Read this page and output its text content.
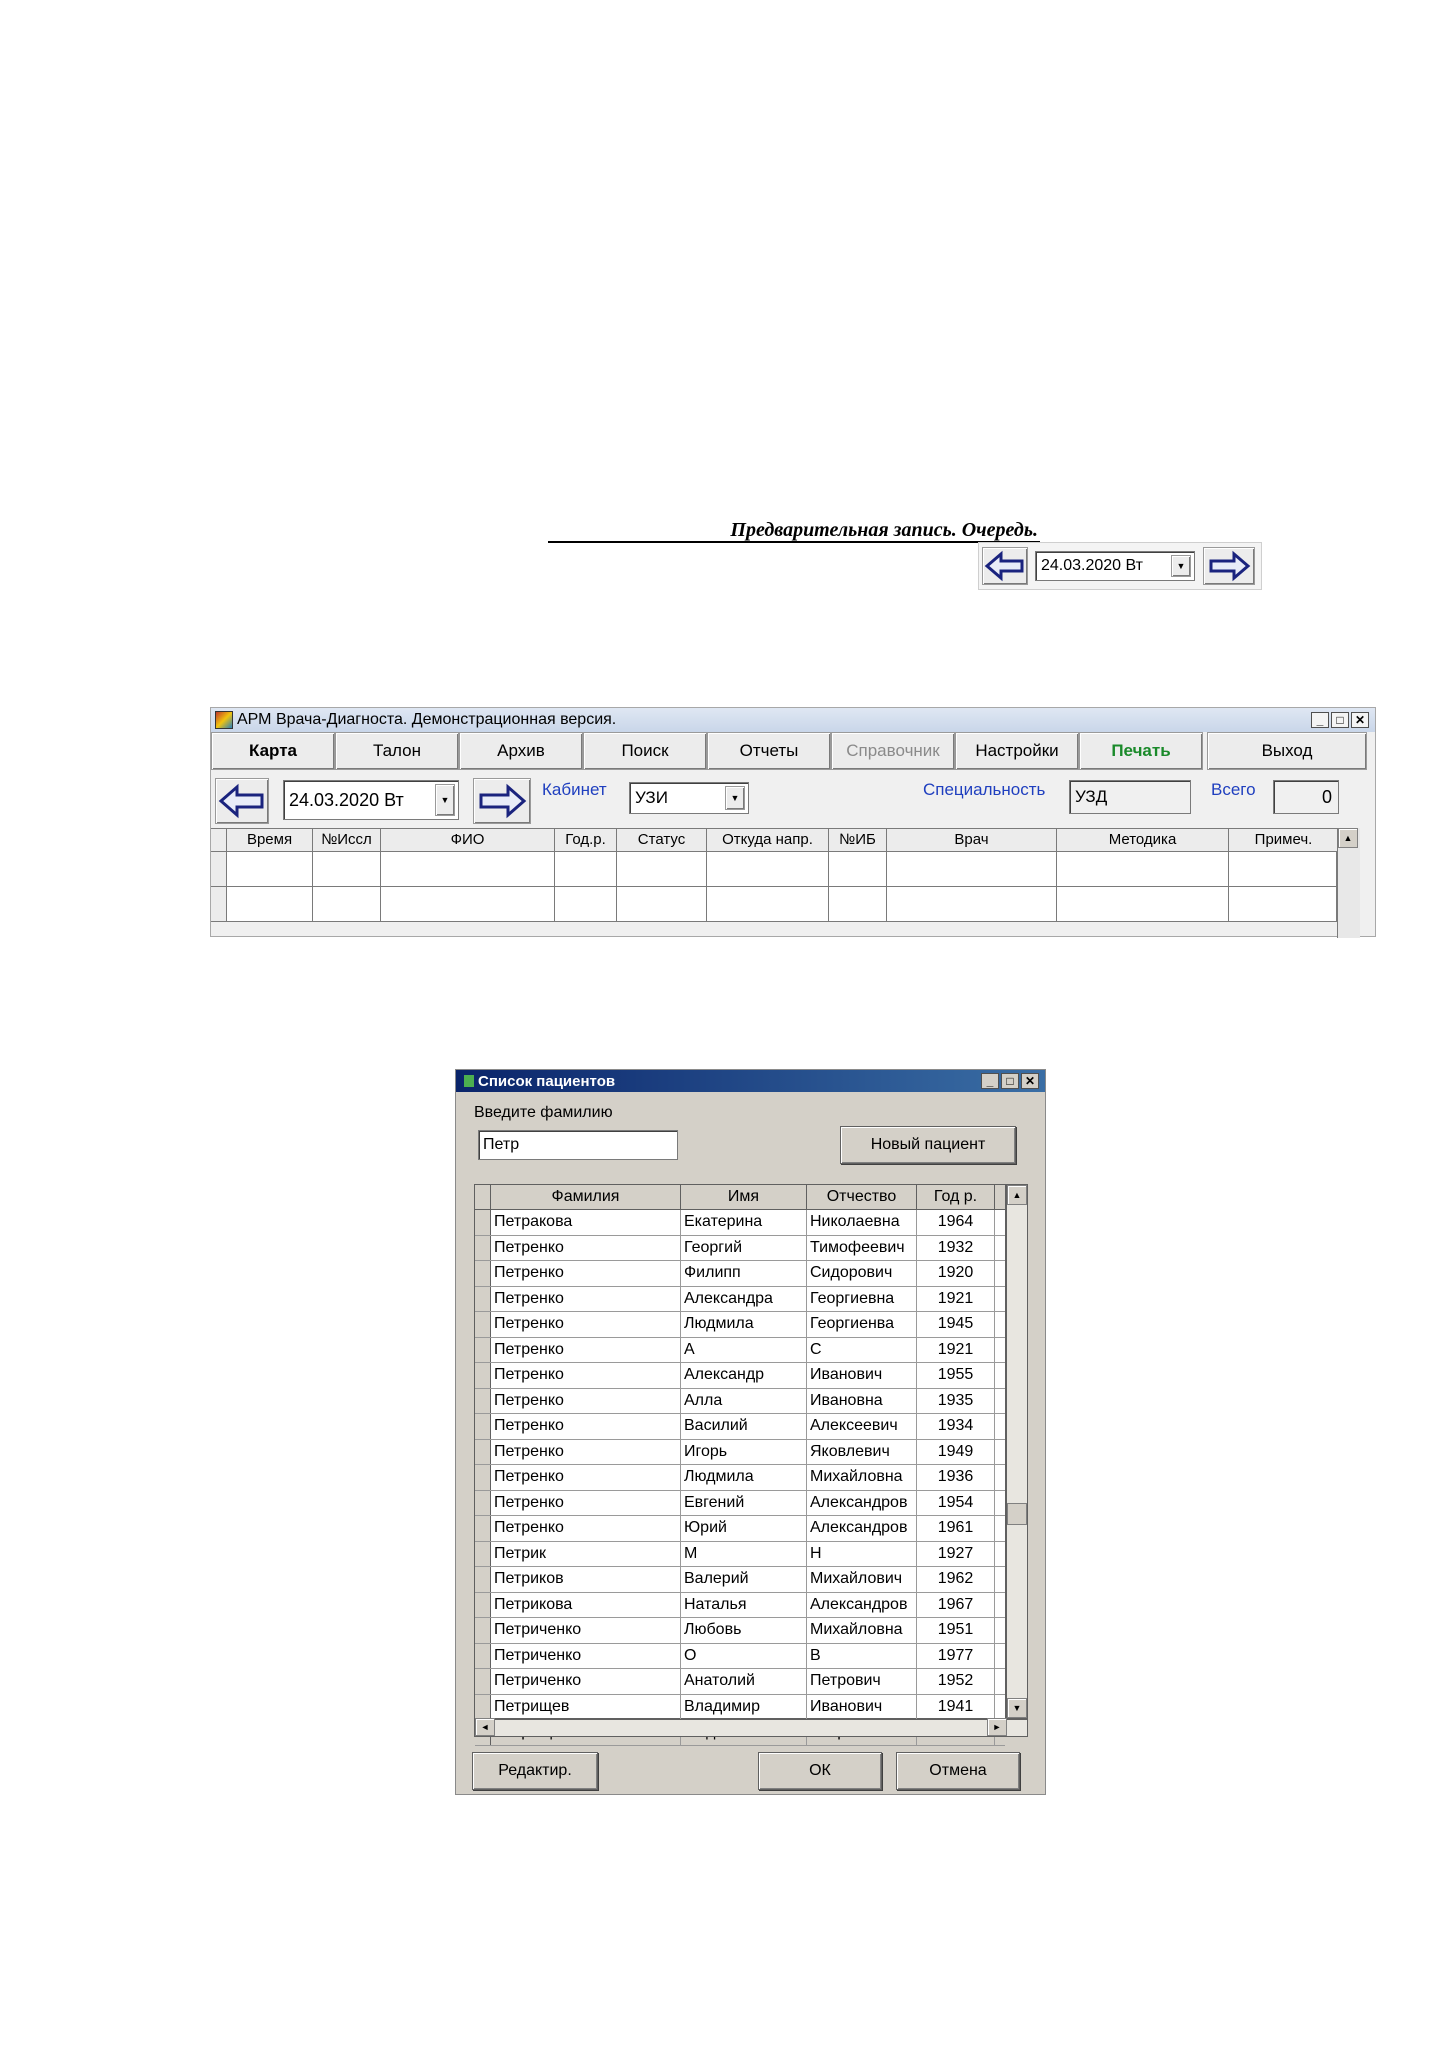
Предварительная запись. Очередь.
24.03.2020 Вт	▼
АРМ Врача-Диагноста. Демонстрационная версия.	_	□ ✕
Карта	Талон	Архив	Поиск	Отчеты	Справочник	Настройки	Печать	Выход
24.03.2020 Вт	▼
Кабинет УЗИ	▼	Специальность	УЗД	Всего	0
Время	№Иссл	ФИО	Год.р.	Статус	Откуда напр.	№ИБ	Врач	Методика	Примеч.	▲
Список пациентов	_	□ ✕
Введите фамилию
Петр
Новый пациент
Фамилия	Имя	Отчество	Год р.
Петракова	Екатерина	Николаевна	1964
Петренко	Георгий	Тимофеевич	1932
Петренко	Филипп	Сидорович	1920
Петренко	Александра	Георгиевна	1921
Петренко	Людмила	Георгиенва	1945
Петренко	А	С	1921
Петренко	Александр	Иванович	1955
Петренко	Алла	Ивановна	1935
Петренко	Василий	Алексеевич	1934
Петренко	Игорь	Яковлевич	1949
Петренко	Людмила	Михайловна	1936
Петренко	Евгений	Александров	1954
Петренко	Юрий	Александров	1961
Петрик	М	Н	1927
Петриков	Валерий	Михайлович	1962
Петрикова	Наталья	Александров	1967
Петриченко	Любовь	Михайловна	1951
Петриченко	О	В	1977
Петриченко	Анатолий	Петрович	1952
Петрищев	Владимир	Иванович	1941
▲
▼
◄	►
Редактир.	ОК	Отмена
